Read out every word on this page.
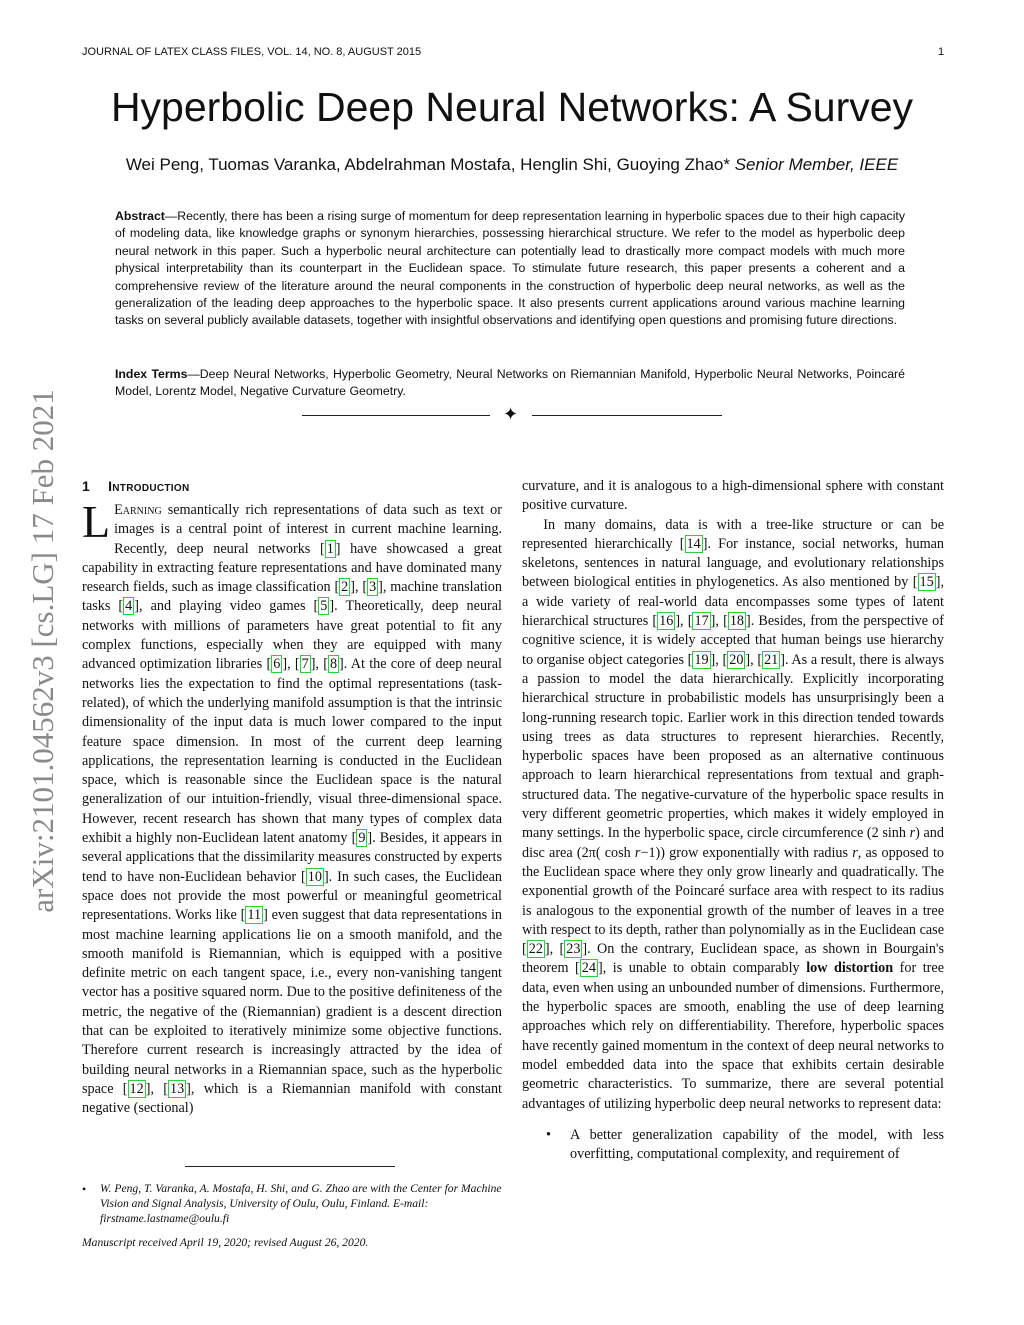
JOURNAL OF LATEX CLASS FILES, VOL. 14, NO. 8, AUGUST 2015	1
arXiv:2101.04562v3 [cs.LG] 17 Feb 2021
Hyperbolic Deep Neural Networks: A Survey
Wei Peng, Tuomas Varanka, Abdelrahman Mostafa, Henglin Shi, Guoying Zhao* Senior Member, IEEE
Abstract—Recently, there has been a rising surge of momentum for deep representation learning in hyperbolic spaces due to their high capacity of modeling data, like knowledge graphs or synonym hierarchies, possessing hierarchical structure. We refer to the model as hyperbolic deep neural network in this paper. Such a hyperbolic neural architecture can potentially lead to drastically more compact models with much more physical interpretability than its counterpart in the Euclidean space. To stimulate future research, this paper presents a coherent and a comprehensive review of the literature around the neural components in the construction of hyperbolic deep neural networks, as well as the generalization of the leading deep approaches to the hyperbolic space. It also presents current applications around various machine learning tasks on several publicly available datasets, together with insightful observations and identifying open questions and promising future directions.
Index Terms—Deep Neural Networks, Hyperbolic Geometry, Neural Networks on Riemannian Manifold, Hyperbolic Neural Networks, Poincaré Model, Lorentz Model, Negative Curvature Geometry.
✦
1 Introduction

L Earning semantically rich representations of data such as text or images is a central point of interest in current machine learning. Recently, deep neural networks [ 1 ] have showcased a great capability in extracting feature representations and have dominated many research fields, such as image classification [ 2 ], [ 3 ], machine translation tasks [ 4 ], and playing video games [ 5 ]. Theoretically, deep neural networks with millions of parameters have great potential to fit any complex functions, especially when they are equipped with many advanced optimization libraries [ 6 ], [ 7 ], [ 8 ]. At the core of deep neural networks lies the expectation to find the optimal representations (task-related), of which the underlying manifold assumption is that the intrinsic dimensionality of the input data is much lower compared to the input feature space dimension. In most of the current deep learning applications, the representation learning is conducted in the Euclidean space, which is reasonable since the Euclidean space is the natural generalization of our intuition-friendly, visual three-dimensional space. However, recent research has shown that many types of complex data exhibit a highly non-Euclidean latent anatomy [ 9 ]. Besides, it appears in several applications that the dissimilarity measures constructed by experts tend to have non-Euclidean behavior [ 10 ]. In such cases, the Euclidean space does not provide the most powerful or meaningful geometrical representations. Works like [ 11 ] even suggest that data representations in most machine learning applications lie on a smooth manifold, and the smooth manifold is Riemannian, which is equipped with a positive definite metric on each tangent space, i.e., every non-vanishing tangent vector has a positive squared norm. Due to the positive definiteness of the metric, the negative of the (Riemannian) gradient is a descent direction that can be exploited to iteratively minimize some objective functions. Therefore current research is increasingly attracted by the idea of building neural networks in a Riemannian space, such as the hyperbolic space [ 12 ], [ 13 ], which is a Riemannian manifold with constant negative (sectional)

• W. Peng, T. Varanka, A. Mostafa, H. Shi, and G. Zhao are with the Center for Machine Vision and Signal Analysis, University of Oulu, Oulu, Finland. E-mail: firstname.lastname@oulu.fi
Manuscript received April 19, 2020; revised August 26, 2020.

curvature, and it is analogous to a high-dimensional sphere with constant positive curvature.

In many domains, data is with a tree-like structure or can be represented hierarchically [ 14 ]. For instance, social networks, human skeletons, sentences in natural language, and evolutionary relationships between biological entities in phylogenetics. As also mentioned by [ 15 ], a wide variety of real-world data encompasses some types of latent hierarchical structures [ 16 ], [ 17 ], [ 18 ]. Besides, from the perspective of cognitive science, it is widely accepted that human beings use hierarchy to organise object categories [ 19 ], [ 20 ], [ 21 ]. As a result, there is always a passion to model the data hierarchically. Explicitly incorporating hierarchical structure in probabilistic models has unsurprisingly been a long-running research topic. Earlier work in this direction tended towards using trees as data structures to represent hierarchies. Recently, hyperbolic spaces have been proposed as an alternative continuous approach to learn hierarchical representations from textual and graph-structured data. The negative-curvature of the hyperbolic space results in very different geometric properties, which makes it widely employed in many settings. In the hyperbolic space, circle circumference (2 sinh r) and disc area (2π( cosh r−1)) grow exponentially with radius r, as opposed to the Euclidean space where they only grow linearly and quadratically. The exponential growth of the Poincaré surface area with respect to its radius is analogous to the exponential growth of the number of leaves in a tree with respect to its depth, rather than polynomially as in the Euclidean case [ 22 ], [ 23 ]. On the contrary, Euclidean space, as shown in Bourgain's theorem [ 24 ], is unable to obtain comparably low distortion for tree data, even when using an unbounded number of dimensions. Furthermore, the hyperbolic spaces are smooth, enabling the use of deep learning approaches which rely on differentiability. Therefore, hyperbolic spaces have recently gained momentum in the context of deep neural networks to model embedded data into the space that exhibits certain desirable geometric characteristics. To summarize, there are several potential advantages of utilizing hyperbolic deep neural networks to represent data:

• A better generalization capability of the model, with less overfitting, computational complexity, and requirement of
